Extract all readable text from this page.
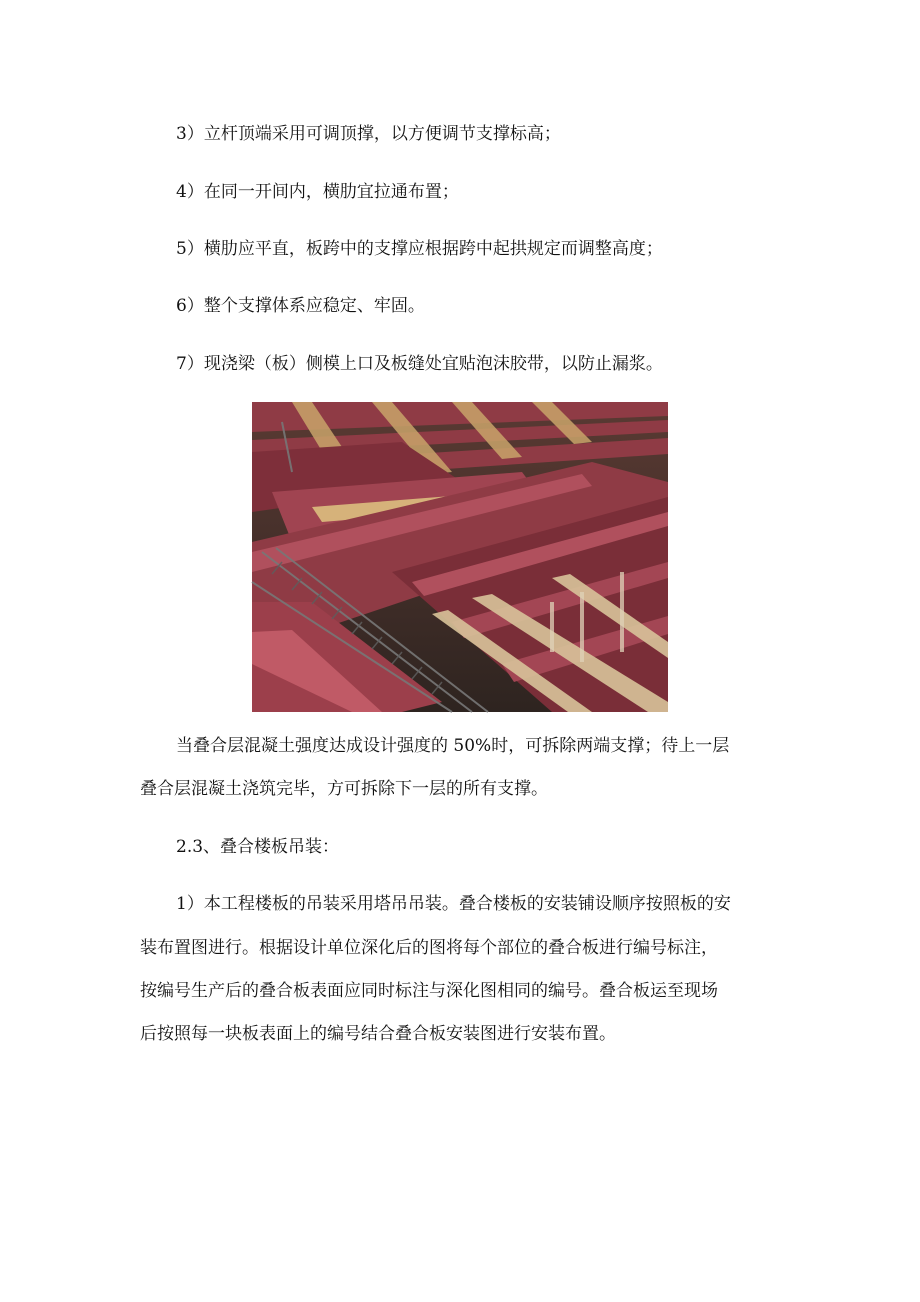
3）立杆顶端采用可调顶撑，以方便调节支撑标高；
4）在同一开间内，横肋宜拉通布置；
5）横肋应平直，板跨中的支撑应根据跨中起拱规定而调整高度；
6）整个支撑体系应稳定、牢固。
7）现浇梁（板）侧模上口及板缝处宜贴泡沫胶带，以防止漏浆。
www.zixin.com.cn
当叠合层混凝土强度达成设计强度的 50%时，可拆除两端支撑；待上一层
叠合层混凝土浇筑完毕，方可拆除下一层的所有支撑。
2.3、叠合楼板吊装：
1）本工程楼板的吊装采用塔吊吊装。叠合楼板的安装铺设顺序按照板的安
装布置图进行。根据设计单位深化后的图将每个部位的叠合板进行编号标注，
按编号生产后的叠合板表面应同时标注与深化图相同的编号。叠合板运至现场
后按照每一块板表面上的编号结合叠合板安装图进行安装布置。
